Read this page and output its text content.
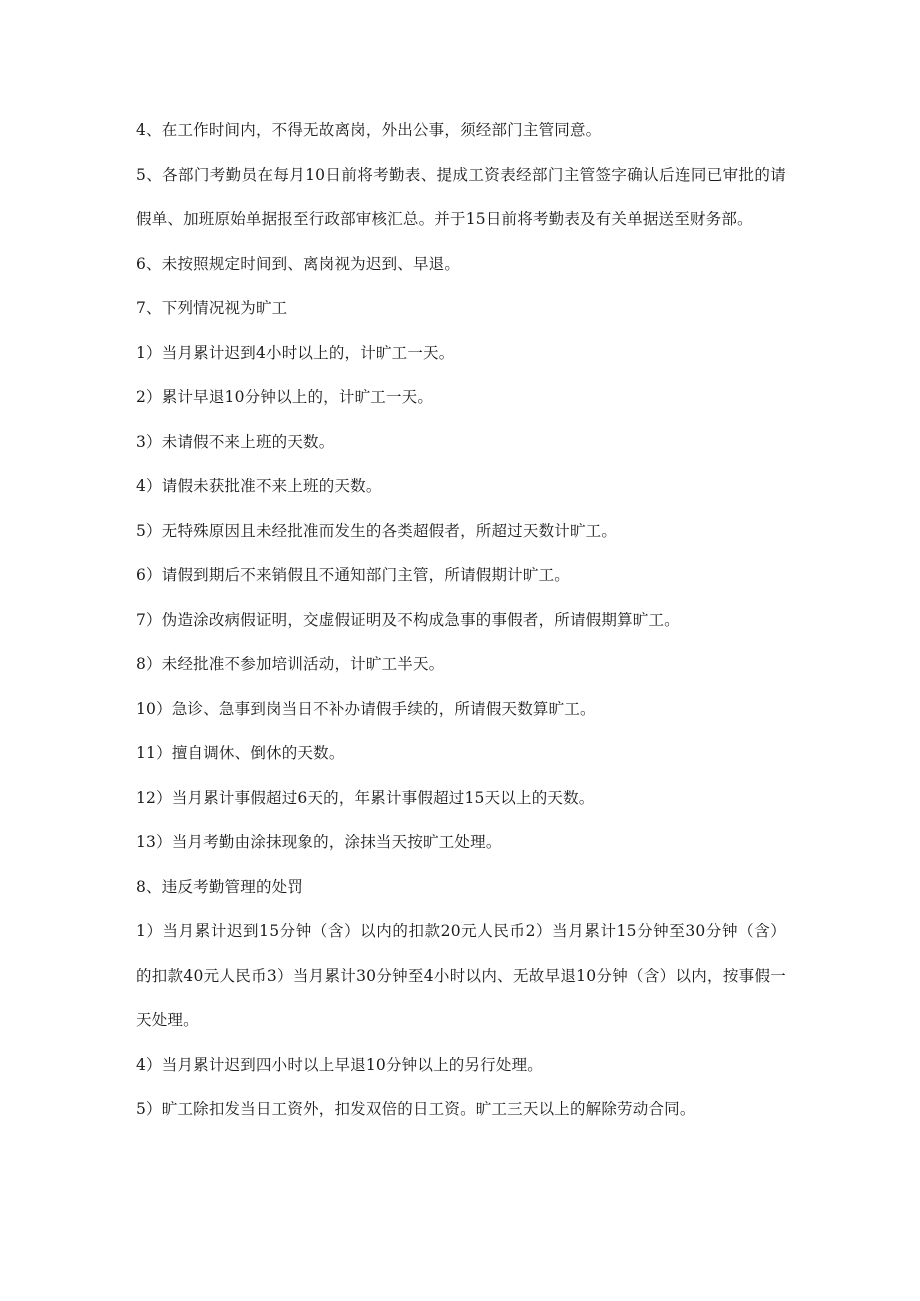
4、在工作时间内，不得无故离岗，外出公事，须经部门主管同意。

5、各部门考勤员在每月10日前将考勤表、提成工资表经部门主管签字确认后连同已审批的请假单、加班原始单据报至行政部审核汇总。并于15日前将考勤表及有关单据送至财务部。

6、未按照规定时间到、离岗视为迟到、早退。

7、下列情况视为旷工

1）当月累计迟到4小时以上的，计旷工一天。

2）累计早退10分钟以上的，计旷工一天。

3）未请假不来上班的天数。

4）请假未获批准不来上班的天数。

5）无特殊原因且未经批准而发生的各类超假者，所超过天数计旷工。

6）请假到期后不来销假且不通知部门主管，所请假期计旷工。

7）伪造涂改病假证明，交虚假证明及不构成急事的事假者，所请假期算旷工。

8）未经批准不参加培训活动，计旷工半天。

10）急诊、急事到岗当日不补办请假手续的，所请假天数算旷工。

11）擅自调休、倒休的天数。

12）当月累计事假超过6天的，年累计事假超过15天以上的天数。

13）当月考勤由涂抹现象的，涂抹当天按旷工处理。

8、违反考勤管理的处罚

1）当月累计迟到15分钟（含）以内的扣款20元人民币2）当月累计15分钟至30分钟（含）的扣款40元人民币3）当月累计30分钟至4小时以内、无故早退10分钟（含）以内，按事假一天处理。

4）当月累计迟到四小时以上早退10分钟以上的另行处理。

5）旷工除扣发当日工资外，扣发双倍的日工资。旷工三天以上的解除劳动合同。
